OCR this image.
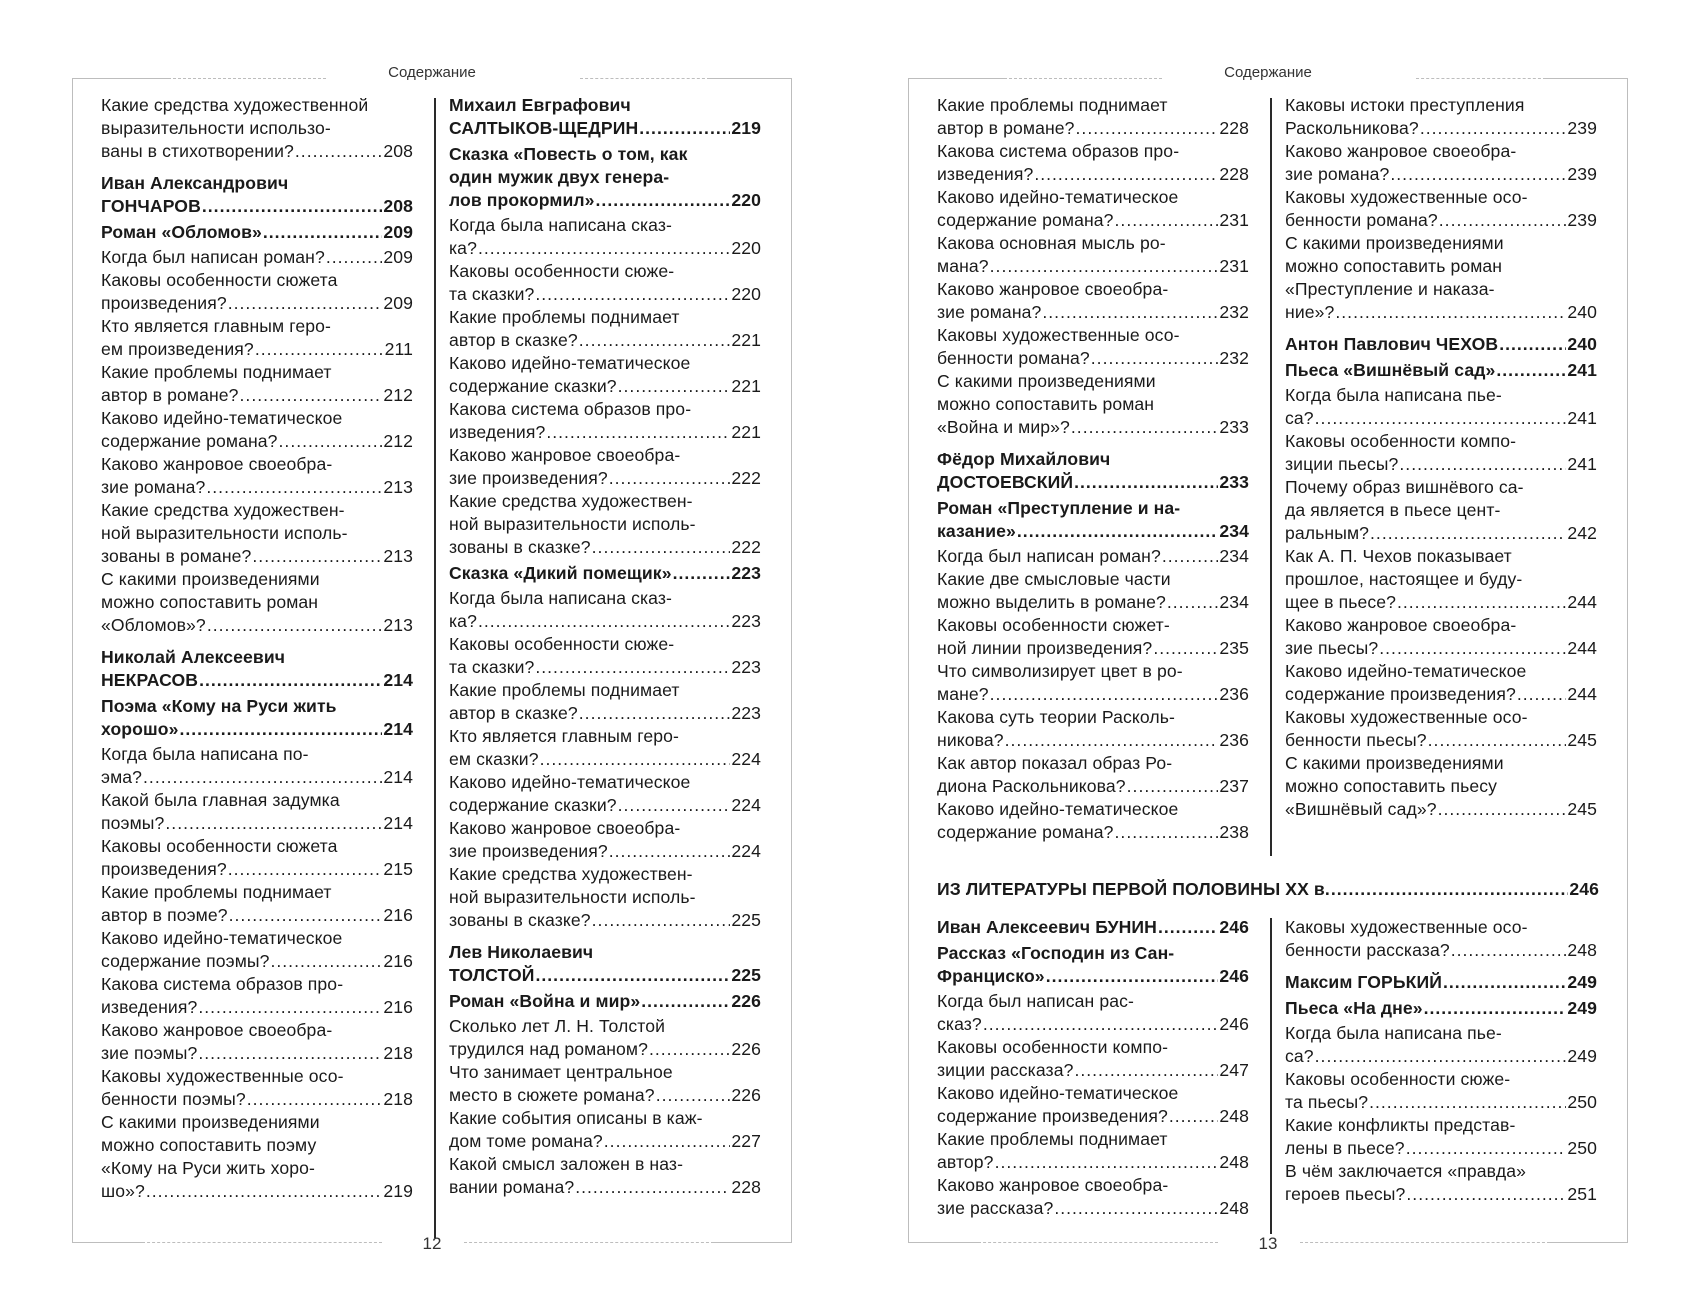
Содержание
Какие средства художественной
выразительности использо-
ваны в стихотворении? .....	208
Иван Александрович
ГОНЧАРОВ .....	208
Роман «Обломов» .....	209
Когда был написан роман? .....	209
Каковы особенности сюжета
произведения? .....	209
Кто является главным геро-
ем произведения? .....	211
Какие проблемы поднимает
автор в романе? .....	212
Каково идейно-тематическое
содержание романа? .....	212
Каково жанровое своеобра-
зие романа? .....	213
Какие средства художествен-
ной выразительности исполь-
зованы в романе? .....	213
С какими произведениями
можно сопоставить роман
«Обломов»? .....	213
Николай Алексеевич
НЕКРАСОВ .....	214
Поэма «Кому на Руси жить
хорошо» .....	214
Когда была написана по-
эма? .....	214
Какой была главная задумка
поэмы? .....	214
Каковы особенности сюжета
произведения? .....	215
Какие проблемы поднимает
автор в поэме? .....	216
Каково идейно-тематическое
содержание поэмы? .....	216
Какова система образов про-
изведения? .....	216
Каково жанровое своеобра-
зие поэмы? .....	218
Каковы художественные осо-
бенности поэмы? .....	218
С какими произведениями
можно сопоставить поэму
«Кому на Руси жить хоро-
шо»? .....	219
Михаил Евграфович
САЛТЫКОВ-ЩЕДРИН .....	219
Сказка «Повесть о том, как
один мужик двух генера-
лов прокормил» .....	220
Когда была написана сказ-
ка? .....	220
Каковы особенности сюже-
та сказки? .....	220
Какие проблемы поднимает
автор в сказке? .....	221
Каково идейно-тематическое
содержание сказки? .....	221
Какова система образов про-
изведения? .....	221
Каково жанровое своеобра-
зие произведения? .....	222
Какие средства художествен-
ной выразительности исполь-
зованы в сказке? .....	222
Сказка «Дикий помещик» .....	223
Когда была написана сказ-
ка? .....	223
Каковы особенности сюже-
та сказки? .....	223
Какие проблемы поднимает
автор в сказке? .....	223
Кто является главным геро-
ем сказки? .....	224
Каково идейно-тематическое
содержание сказки? .....	224
Каково жанровое своеобра-
зие произведения? .....	224
Какие средства художествен-
ной выразительности исполь-
зованы в сказке? .....	225
Лев Николаевич
ТОЛСТОЙ .....	225
Роман «Война и мир» .....	226
Сколько лет Л. Н. Толстой
трудился над романом? .....	226
Что занимает центральное
место в сюжете романа? .....	226
Какие события описаны в каж-
дом томе романа? .....	227
Какой смысл заложен в наз-
вании романа? .....	228
12
Содержание
Какие проблемы поднимает
автор в романе? .....	228
Какова система образов про-
изведения? .....	228
Каково идейно-тематическое
содержание романа? .....	231
Какова основная мысль ро-
мана? .....	231
Каково жанровое своеобра-
зие романа? .....	232
Каковы художественные осо-
бенности романа? .....	232
С какими произведениями
можно сопоставить роман
«Война и мир»? .....	233
Фёдор Михайлович
ДОСТОЕВСКИЙ .....	233
Роман «Преступление и на-
казание» .....	234
Когда был написан роман? .....	234
Какие две смысловые части
можно выделить в романе? .....	234
Каковы особенности сюжет-
ной линии произведения? .....	235
Что символизирует цвет в ро-
мане? .....	236
Какова суть теории Расколь-
никова? .....	236
Как автор показал образ Ро-
диона Раскольникова? .....	237
Каково идейно-тематическое
содержание романа? .....	238
Каковы истоки преступления
Раскольникова? .....	239
Каково жанровое своеобра-
зие романа? .....	239
Каковы художественные осо-
бенности романа? .....	239
С какими произведениями
можно сопоставить роман
«Преступление и наказа-
ние»? .....	240
Антон Павлович ЧЕХОВ .....	240
Пьеса «Вишнёвый сад» .....	241
Когда была написана пье-
са? .....	241
Каковы особенности компо-
зиции пьесы? .....	241
Почему образ вишнёвого са-
да является в пьесе цент-
ральным? .....	242
Как А. П. Чехов показывает
прошлое, настоящее и буду-
щее в пьесе? .....	244
Каково жанровое своеобра-
зие пьесы? .....	244
Каково идейно-тематическое
содержание произведения? .....	244
Каковы художественные осо-
бенности пьесы? .....	245
С какими произведениями
можно сопоставить пьесу
«Вишнёвый сад»? .....	245
ИЗ ЛИТЕРАТУРЫ ПЕРВОЙ ПОЛОВИНЫ XX в. .....	246
Иван Алексеевич БУНИН .....	246
Рассказ «Господин из Сан-
Франциско» .....	246
Когда был написан рас-
сказ? .....	246
Каковы особенности компо-
зиции рассказа? .....	247
Каково идейно-тематическое
содержание произведения? .....	248
Какие проблемы поднимает
автор? .....	248
Каково жанровое своеобра-
зие рассказа? .....	248
Каковы художественные осо-
бенности рассказа? .....	248
Максим ГОРЬКИЙ .....	249
Пьеса «На дне» .....	249
Когда была написана пье-
са? .....	249
Каковы особенности сюже-
та пьесы? .....	250
Какие конфликты представ-
лены в пьесе? .....	250
В чём заключается «правда»
героев пьесы? .....	251
13
